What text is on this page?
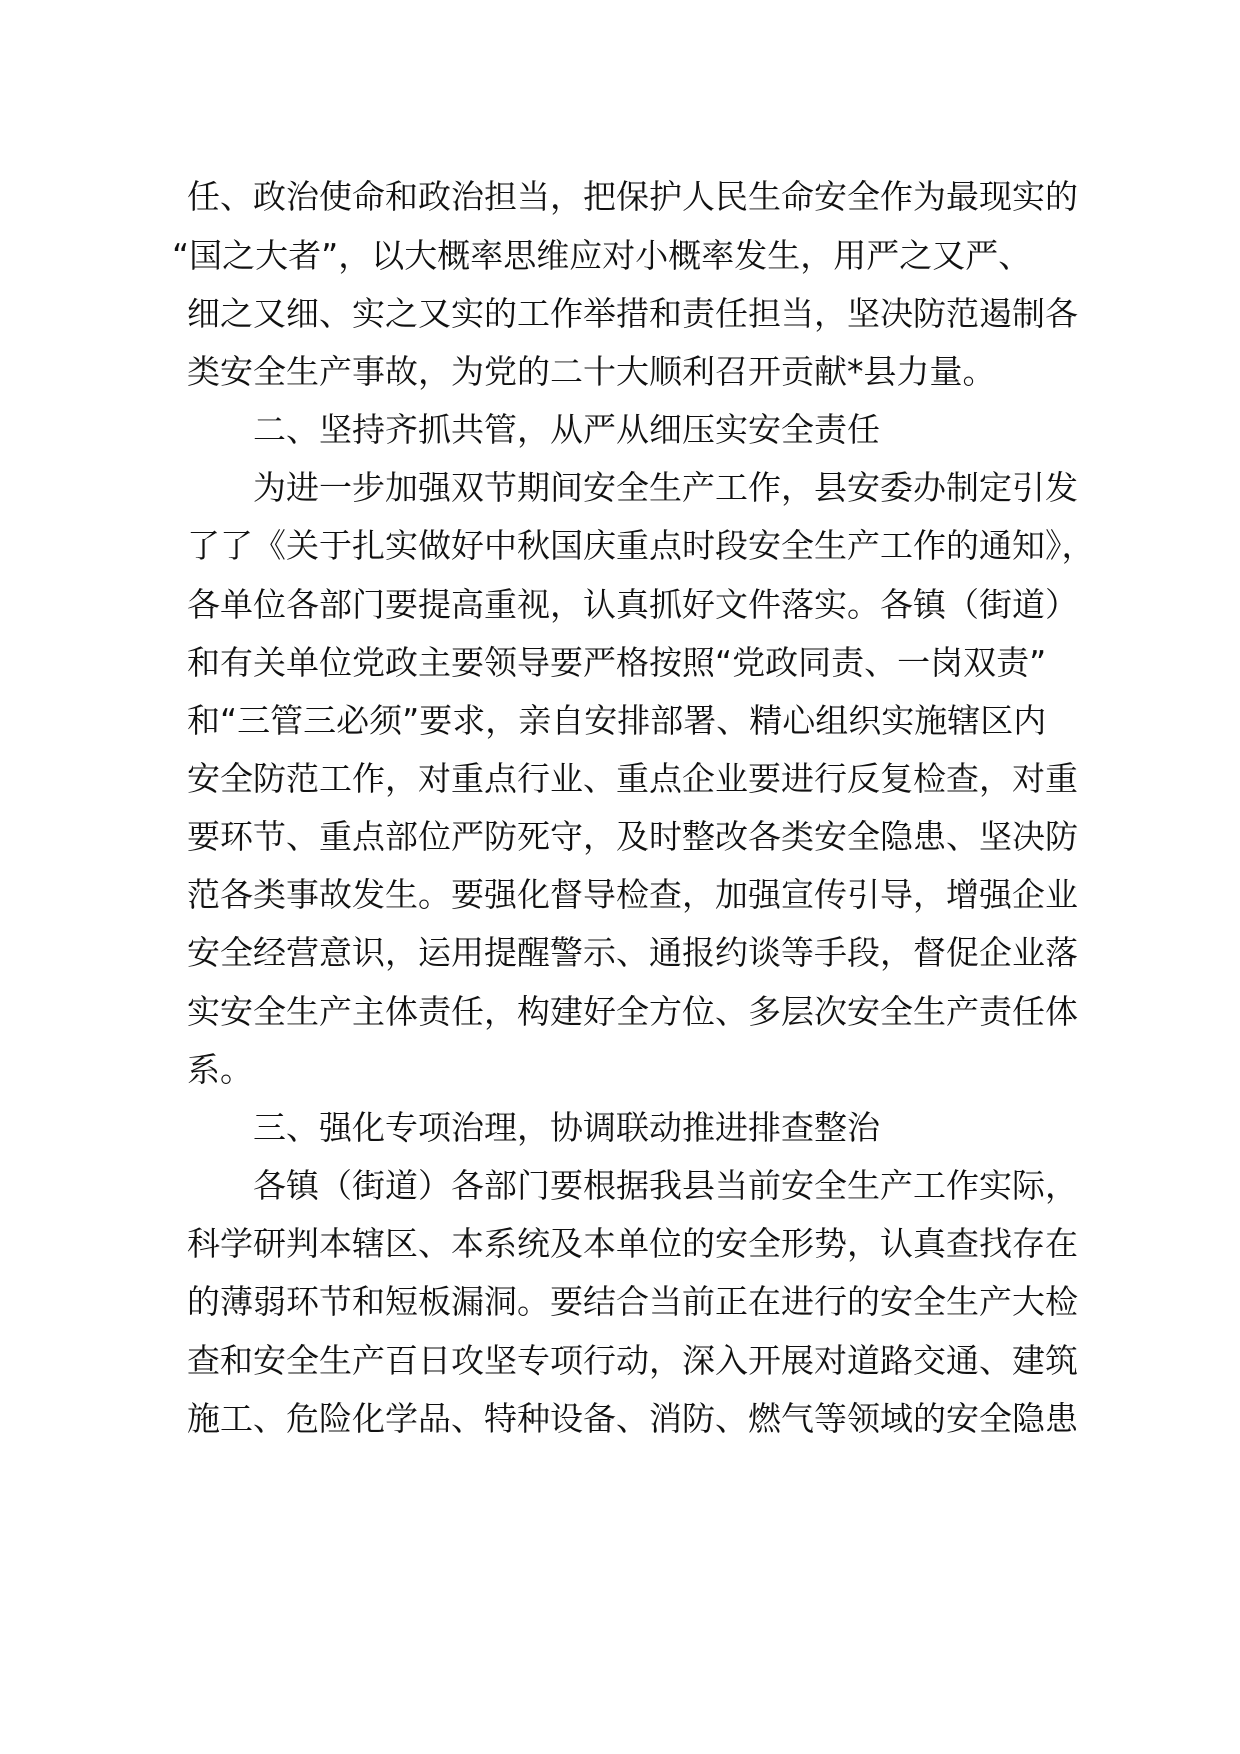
任、政治使命和政治担当，把保护人民生命安全作为最现实的
“国之大者”，以大概率思维应对小概率发生，用严之又严、
细之又细、实之又实的工作举措和责任担当，坚决防范遏制各
类安全生产事故，为党的二十大顺利召开贡献*县力量。
二、坚持齐抓共管，从严从细压实安全责任
为进一步加强双节期间安全生产工作，县安委办制定引发
了了《关于扎实做好中秋国庆重点时段安全生产工作的通知》，
各单位各部门要提高重视，认真抓好文件落实。各镇（街道）
和有关单位党政主要领导要严格按照“党政同责、一岗双责”
和“三管三必须”要求，亲自安排部署、精心组织实施辖区内
安全防范工作，对重点行业、重点企业要进行反复检查，对重
要环节、重点部位严防死守，及时整改各类安全隐患、坚决防
范各类事故发生。要强化督导检查，加强宣传引导，增强企业
安全经营意识，运用提醒警示、通报约谈等手段，督促企业落
实安全生产主体责任，构建好全方位、多层次安全生产责任体
系。
三、强化专项治理，协调联动推进排查整治
各镇（街道）各部门要根据我县当前安全生产工作实际，
科学研判本辖区、本系统及本单位的安全形势，认真查找存在
的薄弱环节和短板漏洞。要结合当前正在进行的安全生产大检
查和安全生产百日攻坚专项行动，深入开展对道路交通、建筑
施工、危险化学品、特种设备、消防、燃气等领域的安全隐患
